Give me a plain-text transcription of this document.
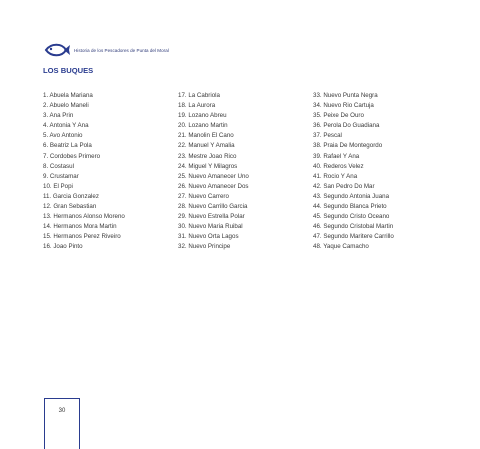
Historia de los Pescadores de Punta del Moral
LOS BUQUES
1. Abuela Mariana
2. Abuelo Maneli
3. Ana Prin
4. Antonia Y Ana
5. Avo Antonio
6. Beatriz La Pola
7. Cordobes Primero
8. Costasul
9. Crustamar
10. El Popi
11. Garcia Gonzalez
12. Gran Sebastian
13. Hermanos Alonso Moreno
14. Hermanos Mora Martin
15. Hermanos Perez Riveiro
16. Joao Pinto
17. La Cabriola
18. La Aurora
19. Lozano Abreu
20. Lozano Martin
21. Manolin El Cano
22. Manuel Y Amalia
23. Mestre Joao Rico
24. Miguel Y Milagros
25. Nuevo Amanecer Uno
26. Nuevo Amanecer Dos
27. Nuevo Carrero
28. Nuevo Carrillo Garcia
29. Nuevo Estrella Polar
30. Nuevo Maria Ruibal
31. Nuevo Orta Lagos
32. Nuevo Principe
33. Nuevo Punta Negra
34. Nuevo Rio Cartuja
35. Peixe De Ouro
36. Perola Do Guadiana
37. Pescal
38. Praia De Montegordo
39. Rafael Y Ana
40. Rederos Velez
41. Rocio Y Ana
42. San Pedro Do Mar
43. Segundo Antonia Juana
44. Segundo Blanca Prieto
45. Segundo Cristo Oceano
46. Segundo Cristobal Martin
47. Segundo Maritere Carrillo
48. Yaque Camacho
30
